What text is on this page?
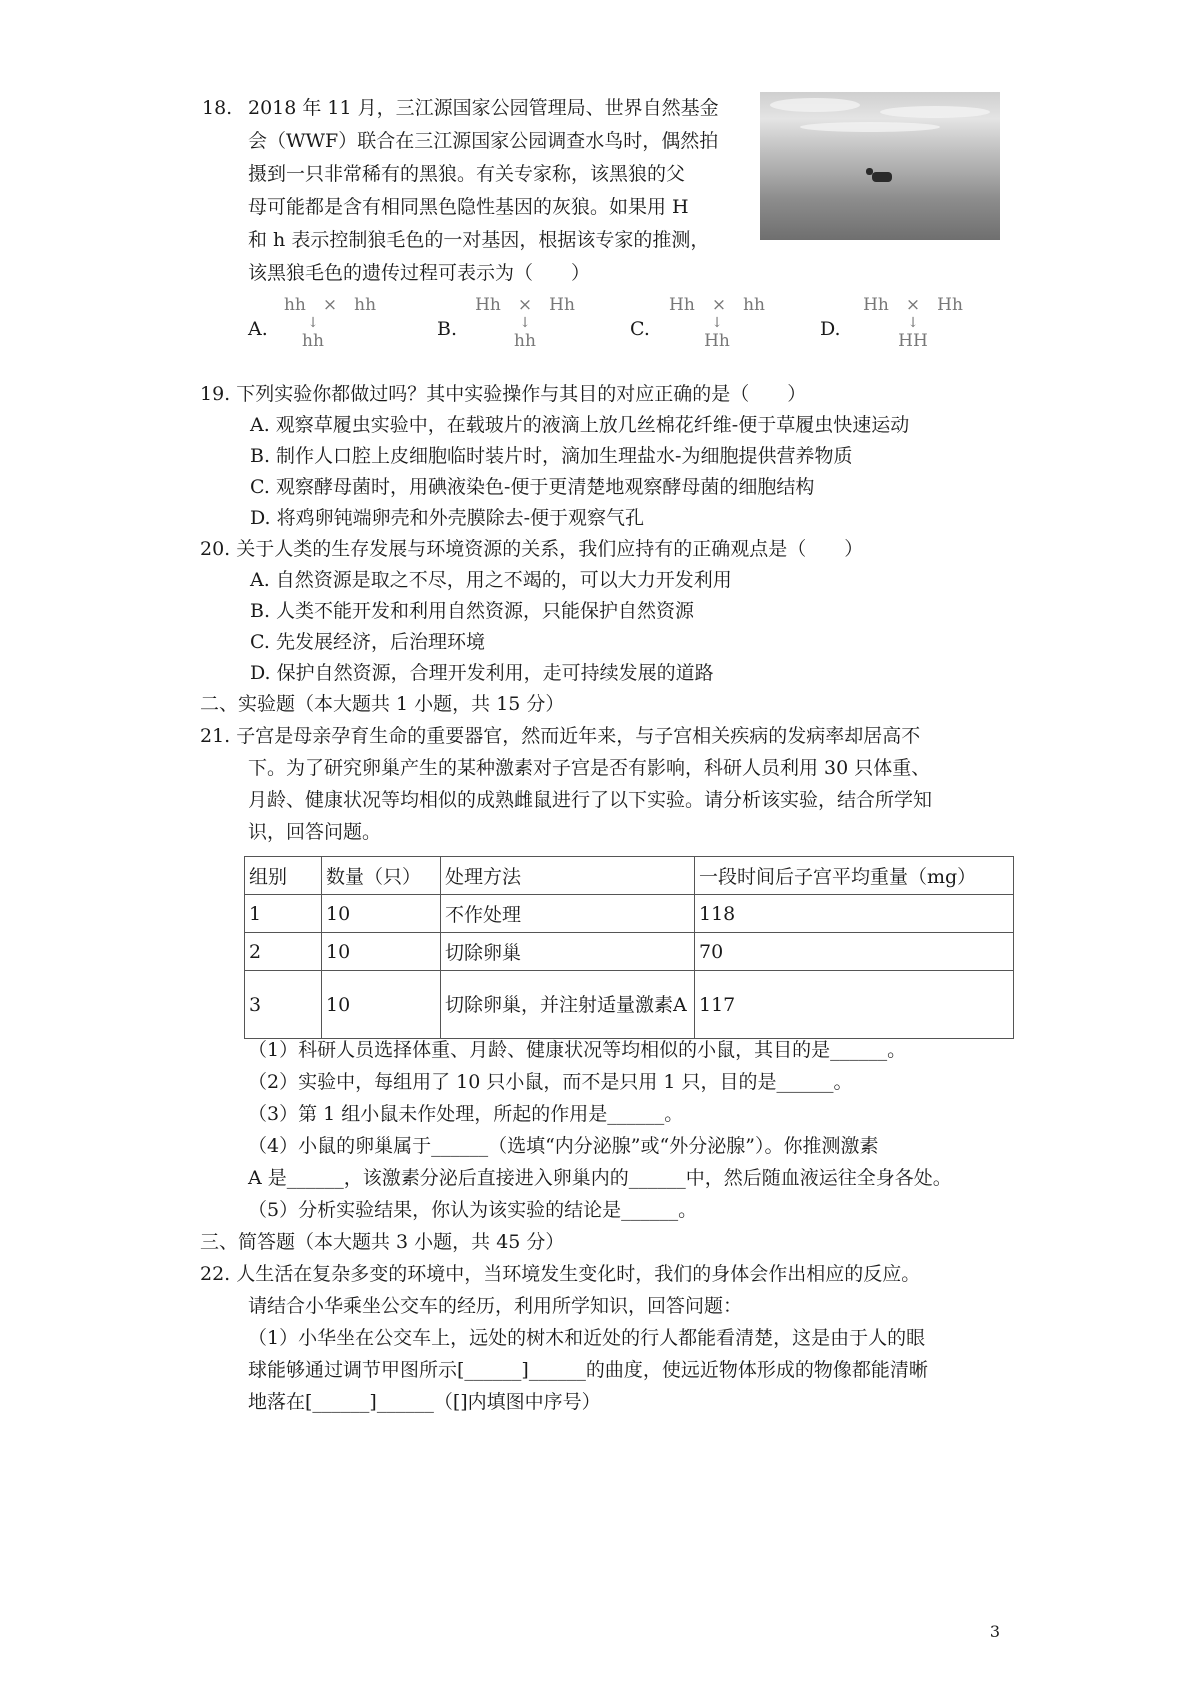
18. 2018 年 11 月，三江源国家公园管理局、世界自然基金
会（WWF）联合在三江源国家公园调查水鸟时，偶然拍
摄到一只非常稀有的黑狼。有关专家称，该黑狼的父
母可能都是含有相同黑色隐性基因的灰狼。如果用 H
和 h 表示控制狼毛色的一对基因，根据该专家的推测，
该黑狼毛色的遗传过程可表示为（　　）
A.
hh　 ×　 hh
↓
hh
B.
Hh　 ×　 Hh
↓
hh
C.
Hh　 ×　 hh
↓
Hh
D.
Hh　 ×　 Hh
↓
HH
19. 下列实验你都做过吗？其中实验操作与其目的对应正确的是（　　）
A. 观察草履虫实验中，在载玻片的液滴上放几丝棉花纤维-便于草履虫快速运动
B. 制作人口腔上皮细胞临时装片时，滴加生理盐水-为细胞提供营养物质
C. 观察酵母菌时，用碘液染色-便于更清楚地观察酵母菌的细胞结构
D. 将鸡卵钝端卵壳和外壳膜除去-便于观察气孔
20. 关于人类的生存发展与环境资源的关系，我们应持有的正确观点是（　　）
A. 自然资源是取之不尽，用之不竭的，可以大力开发利用
B. 人类不能开发和利用自然资源，只能保护自然资源
C. 先发展经济，后治理环境
D. 保护自然资源，合理开发利用，走可持续发展的道路
二、实验题（本大题共 1 小题，共 15 分）
21. 子宫是母亲孕育生命的重要器官，然而近年来，与子宫相关疾病的发病率却居高不
下。为了研究卵巢产生的某种激素对子宫是否有影响，科研人员利用 30 只体重、
月龄、健康状况等均相似的成熟雌鼠进行了以下实验。请分析该实验，结合所学知
识，回答问题。
组别	数量（只）	处理方法	一段时间后子宫平均重量（mg）
1	10	不作处理	118
2	10	切除卵巢	70
3	10	切除卵巢，并注射适量激素A	117
（1）科研人员选择体重、月龄、健康状况等均相似的小鼠，其目的是______。
（2）实验中，每组用了 10 只小鼠，而不是只用 1 只，目的是______。
（3）第 1 组小鼠未作处理，所起的作用是______。
（4）小鼠的卵巢属于______（选填“内分泌腺”或“外分泌腺”）。你推测激素
A 是______，该激素分泌后直接进入卵巢内的______中，然后随血液运往全身各处。
（5）分析实验结果，你认为该实验的结论是______。
三、简答题（本大题共 3 小题，共 45 分）
22. 人生活在复杂多变的环境中，当环境发生变化时，我们的身体会作出相应的反应。
请结合小华乘坐公交车的经历，利用所学知识，回答问题：
（1）小华坐在公交车上，远处的树木和近处的行人都能看清楚，这是由于人的眼
球能够通过调节甲图所示[______]______的曲度，使远近物体形成的物像都能清晰
地落在[______]______（[]内填图中序号）
3
